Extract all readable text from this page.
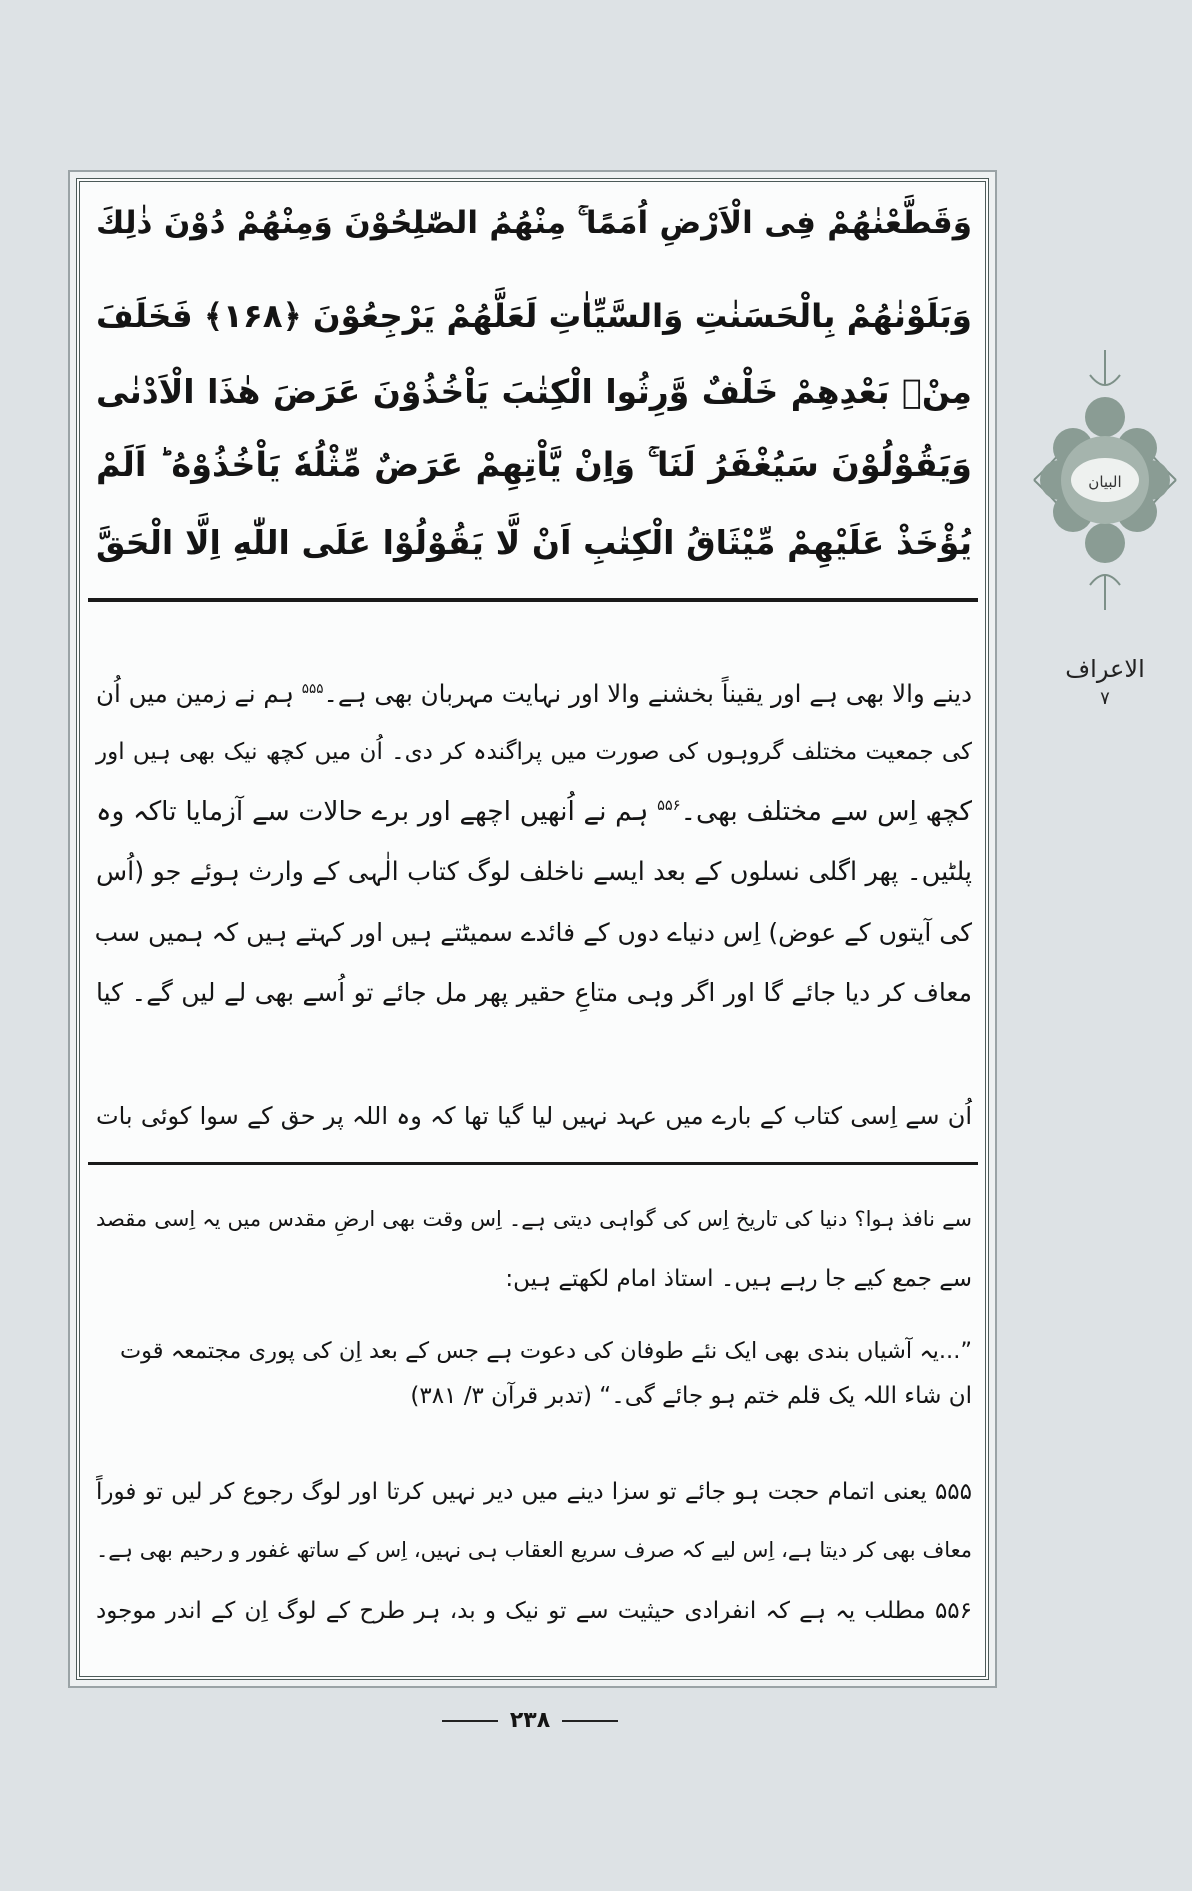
وَقَطَّعْنٰهُمْ فِی الْاَرْضِ اُمَمًا ۚ مِنْهُمُ الصّٰلِحُوْنَ وَمِنْهُمْ دُوْنَ ذٰلِكَ
وَبَلَوْنٰهُمْ بِالْحَسَنٰتِ وَالسَّیِّاٰتِ لَعَلَّهُمْ یَرْجِعُوْنَ ﴿۱۶۸﴾ فَخَلَفَ
مِنْۢ بَعْدِهِمْ خَلْفٌ وَّرِثُوا الْكِتٰبَ یَاْخُذُوْنَ عَرَضَ هٰذَا الْاَدْنٰی
وَیَقُوْلُوْنَ سَیُغْفَرُ لَنَا ۚ وَاِنْ یَّاْتِهِمْ عَرَضٌ مِّثْلُهٗ یَاْخُذُوْهُ ؕ اَلَمْ
یُؤْخَذْ عَلَیْهِمْ مِّیْثَاقُ الْكِتٰبِ اَنْ لَّا یَقُوْلُوْا عَلَی اللّٰهِ اِلَّا الْحَقَّ
دینے والا بھی ہے اور یقیناً بخشنے والا اور نہایت مہربان بھی ہے۔$^{۵۵۵}$ ہم نے زمین میں اُن
کی جمعیت مختلف گروہوں کی صورت میں پراگندہ کر دی۔ اُن میں کچھ نیک بھی ہیں اور
کچھ اِس سے مختلف بھی۔$^{۵۵۶}$ ہم نے اُنھیں اچھے اور برے حالات سے آزمایا تاکہ وہ
پلٹیں۔ پھر اگلی نسلوں کے بعد ایسے ناخلف لوگ کتاب الٰہی کے وارث ہوئے جو (اُس
کی آیتوں کے عوض) اِس دنیاے دوں کے فائدے سمیٹتے ہیں اور کہتے ہیں کہ ہمیں سب
معاف کر دیا جائے گا اور اگر وہی متاعِ حقیر پھر مل جائے تو اُسے بھی لے لیں گے۔ کیا
اُن سے اِسی کتاب کے بارے میں عہد نہیں لیا گیا تھا کہ وہ اللہ پر حق کے سوا کوئی بات
سے نافذ ہوا؟ دنیا کی تاریخ اِس کی گواہی دیتی ہے۔ اِس وقت بھی ارضِ مقدس میں یہ اِسی مقصد
سے جمع کیے جا رہے ہیں۔ استاذ امام لکھتے ہیں:
”...یہ آشیاں بندی بھی ایک نئے طوفان کی دعوت ہے جس کے بعد اِن کی پوری مجتمعہ قوت
ان شاء اللہ یک قلم ختم ہو جائے گی۔“ (تدبر قرآن ۳/ ۳۸۱)
۵۵۵ یعنی اتمام حجت ہو جائے تو سزا دینے میں دیر نہیں کرتا اور لوگ رجوع کر لیں تو فوراً
معاف بھی کر دیتا ہے، اِس لیے کہ صرف سریع العقاب ہی نہیں، اِس کے ساتھ غفور و رحیم بھی ہے۔
۵۵۶ مطلب یہ ہے کہ انفرادی حیثیت سے تو نیک و بد، ہر طرح کے لوگ اِن کے اندر موجود
البیان
الاعراف
۷
۲۳۸
